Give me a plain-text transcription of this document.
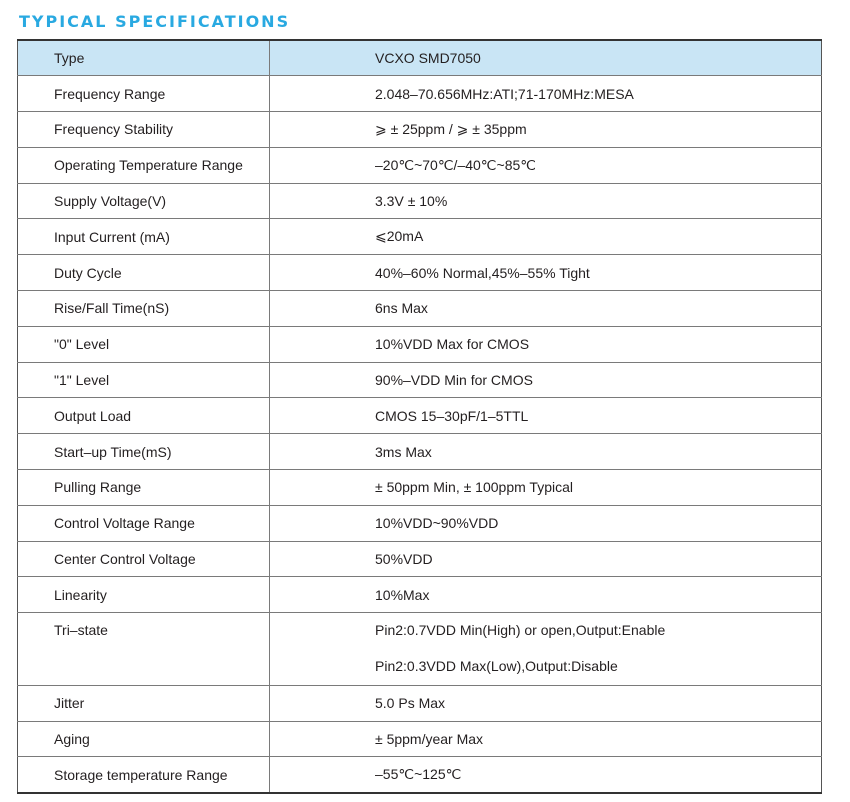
TYPICAL SPECIFICATIONS
Type	VCXO SMD7050
Frequency Range	2.048–70.656MHz:ATI;71-170MHz:MESA
Frequency Stability	⩾ ± 25ppm / ⩾ ± 35ppm
Operating Temperature Range	–20℃~70℃/–40℃~85℃
Supply Voltage(V)	3.3V ± 10%
Input Current (mA)	⩽20mA
Duty Cycle	40%–60% Normal,45%–55% Tight
Rise/Fall Time(nS)	6ns Max
"0" Level	10%VDD Max for CMOS
"1" Level	90%–VDD Min for CMOS
Output Load	CMOS 15–30pF/1–5TTL
Start–up Time(mS)	3ms Max
Pulling Range	± 50ppm Min, ± 100ppm Typical
Control Voltage Range	10%VDD~90%VDD
Center Control Voltage	50%VDD
Linearity	10%Max
Tri–state	Pin2:0.7VDD Min(High) or open,Output:Enable
Pin2:0.3VDD Max(Low),Output:Disable

Jitter	5.0 Ps Max
Aging	± 5ppm/year Max
Storage temperature Range	–55℃~125℃
